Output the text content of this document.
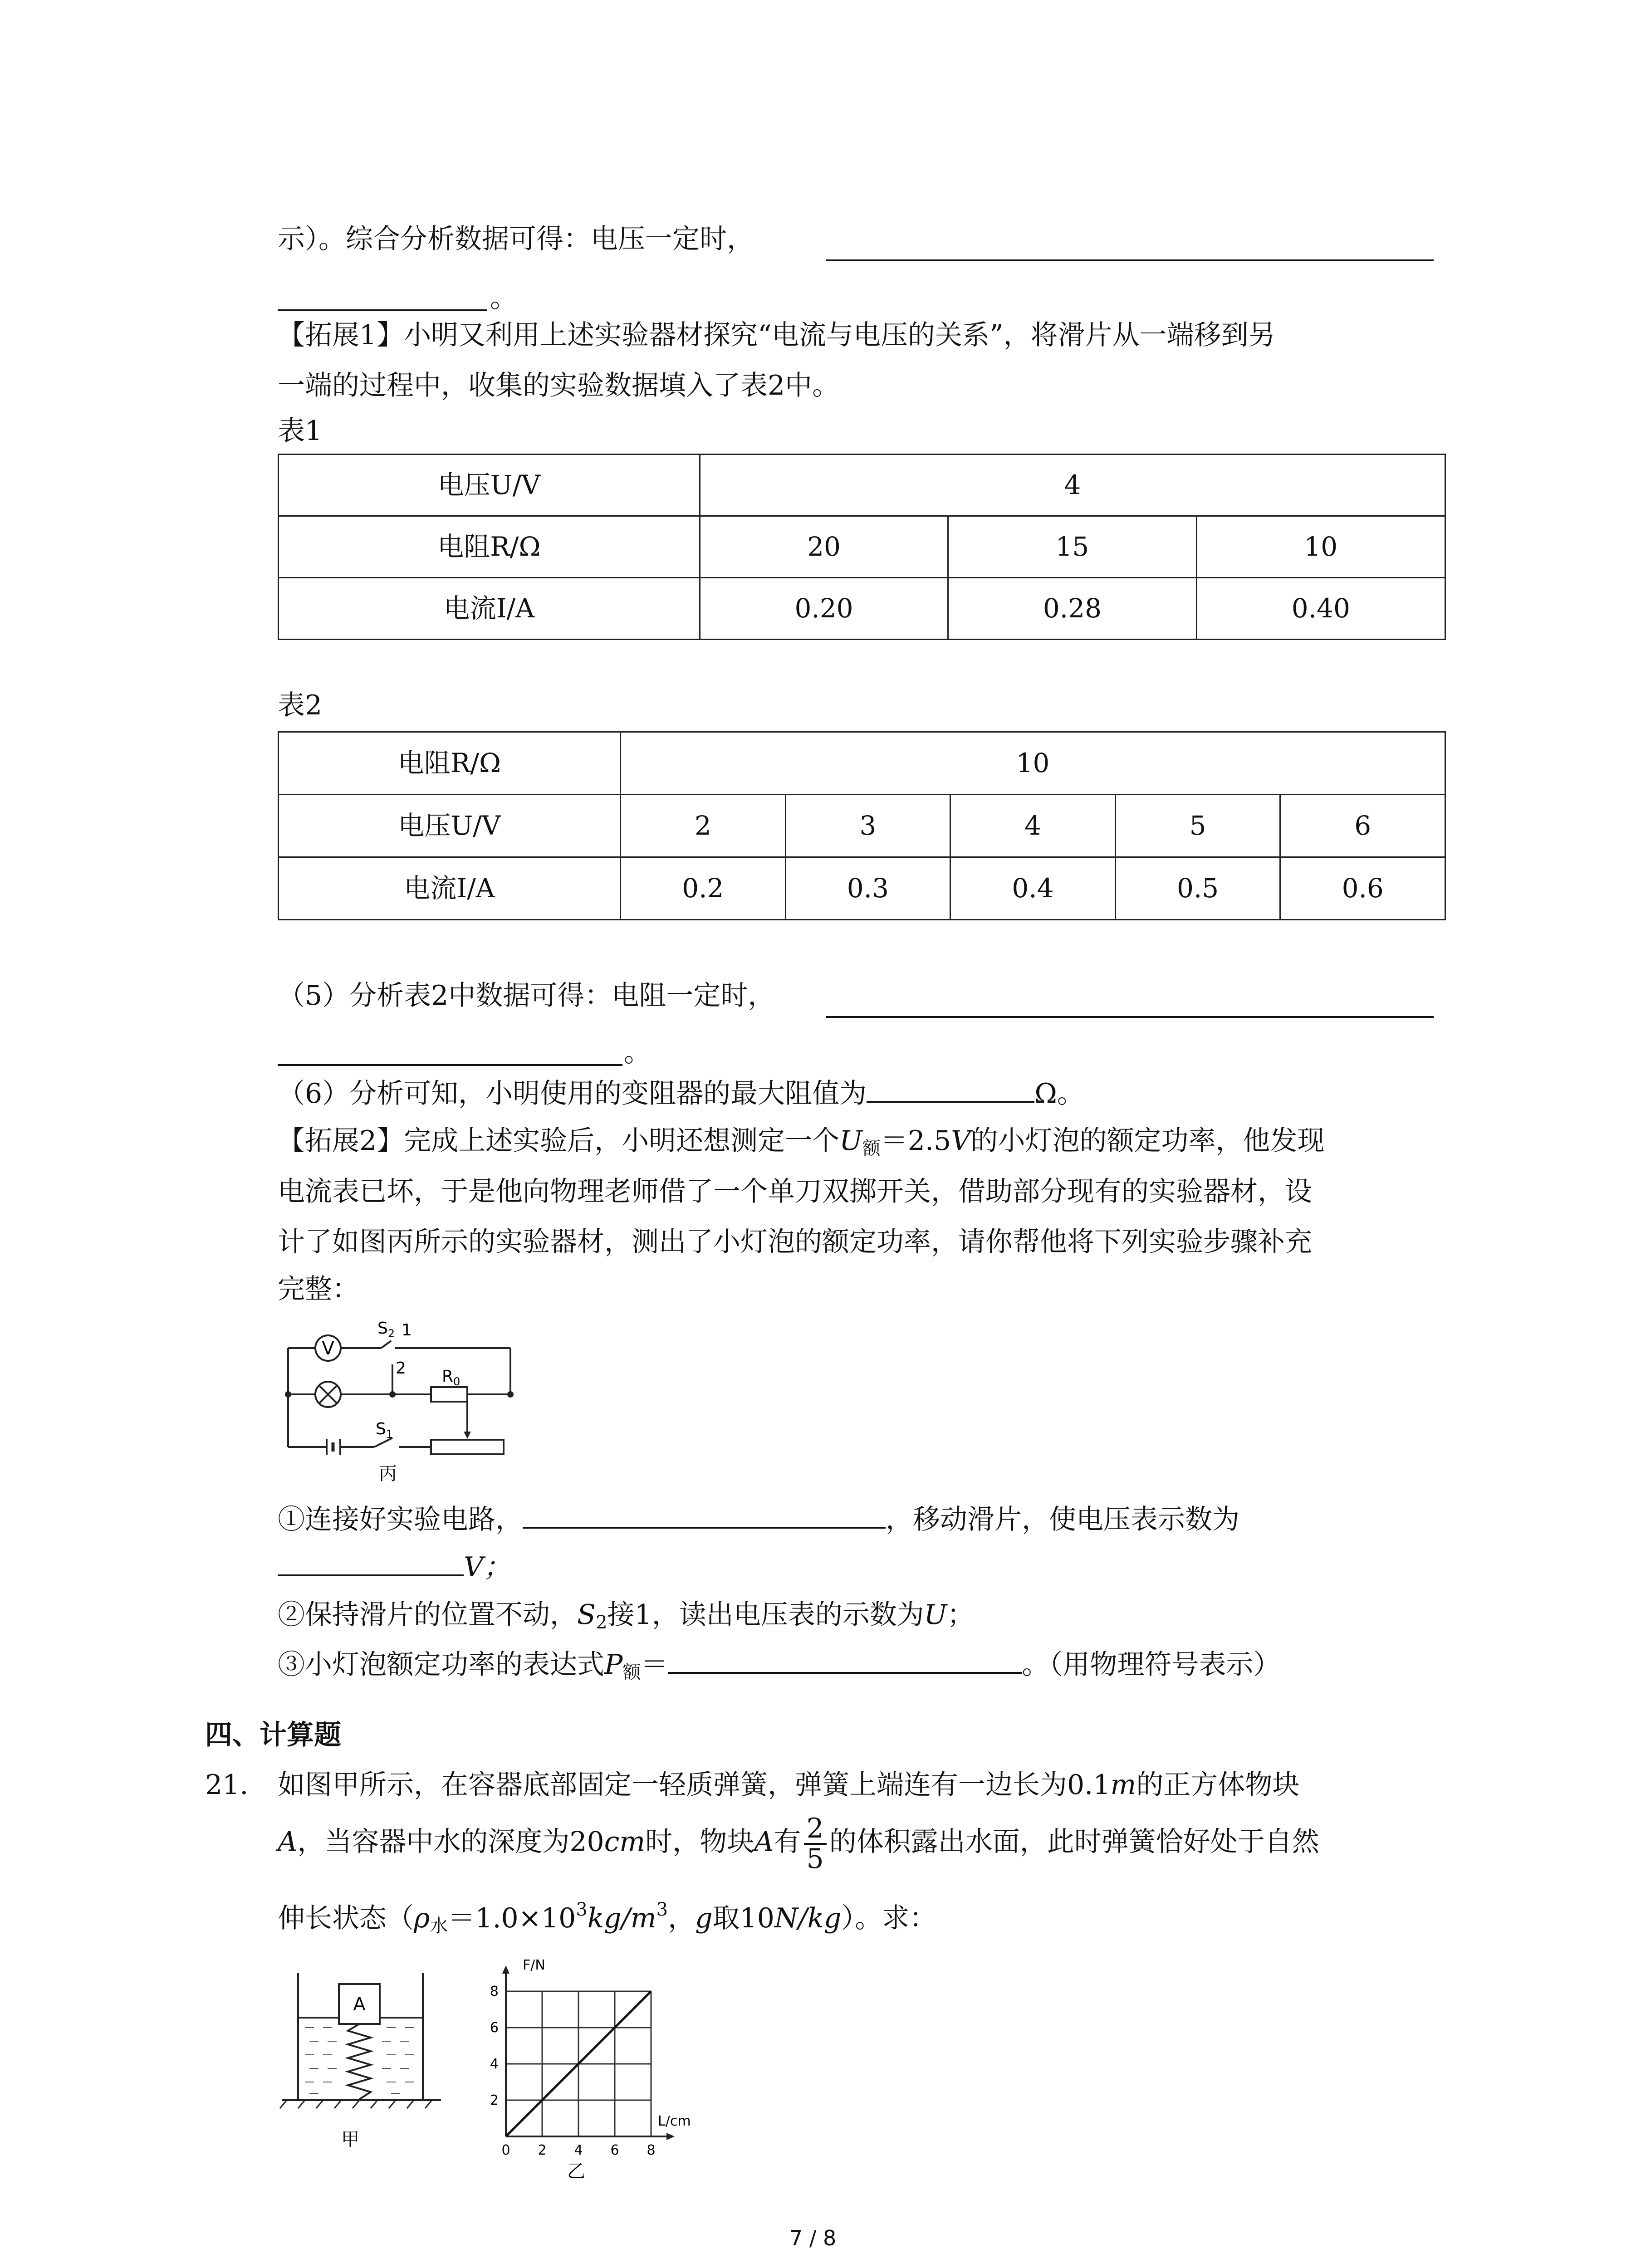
示）。综合分析数据可得：电压一定时，
。
【拓展1】小明又利用上述实验器材探究“电流与电压的关系”，将滑片从一端移到另
一端的过程中，收集的实验数据填入了表2中。
表1
电压U/V	4		
电阻R/Ω	20	15	10
电流I/A	0.20	0.28	0.40
表2
电阻R/Ω	10				
电压U/V	2	3	4	5	6
电流I/A	0.2	0.3	0.4	0.5	0.6
（5）分析表2中数据可得：电阻一定时，
。
（6）分析可知，小明使用的变阻器的最大阻值为	Ω。
【拓展2】完成上述实验后，小明还想测定一个$U_额=2.5V$的小灯泡的额定功率，他发现
电流表已坏，于是他向物理老师借了一个单刀双掷开关，借助部分现有的实验器材，设
计了如图丙所示的实验器材，测出了小灯泡的额定功率，请你帮他将下列实验步骤补充
完整：
V
$S_2$ 1
2 $R_0$
$S_1$
丙
①连接好实验电路，	，移动滑片，使电压表示数为
V；
②保持滑片的位置不动，$S_2$接1，读出电压表的示数为U；
③小灯泡额定功率的表达式$P_额=$	。（用物理符号表示）
四、计算题
21. 如图甲所示，在容器底部固定一轻质弹簧，弹簧上端连有一边长为0.1m的正方体物块
A，当容器中水的深度为20cm时，物块A有 $\frac{2}{5}$ 的体积露出水面，此时弹簧恰好处于自然
伸长状态（$\rho_水=1.0\times 10^3kg/m^3$，g取10N/kg）。求：
A
甲
0 2 4 6 8
2
4
6
8
F/N
L/cm
乙
7 / 8
